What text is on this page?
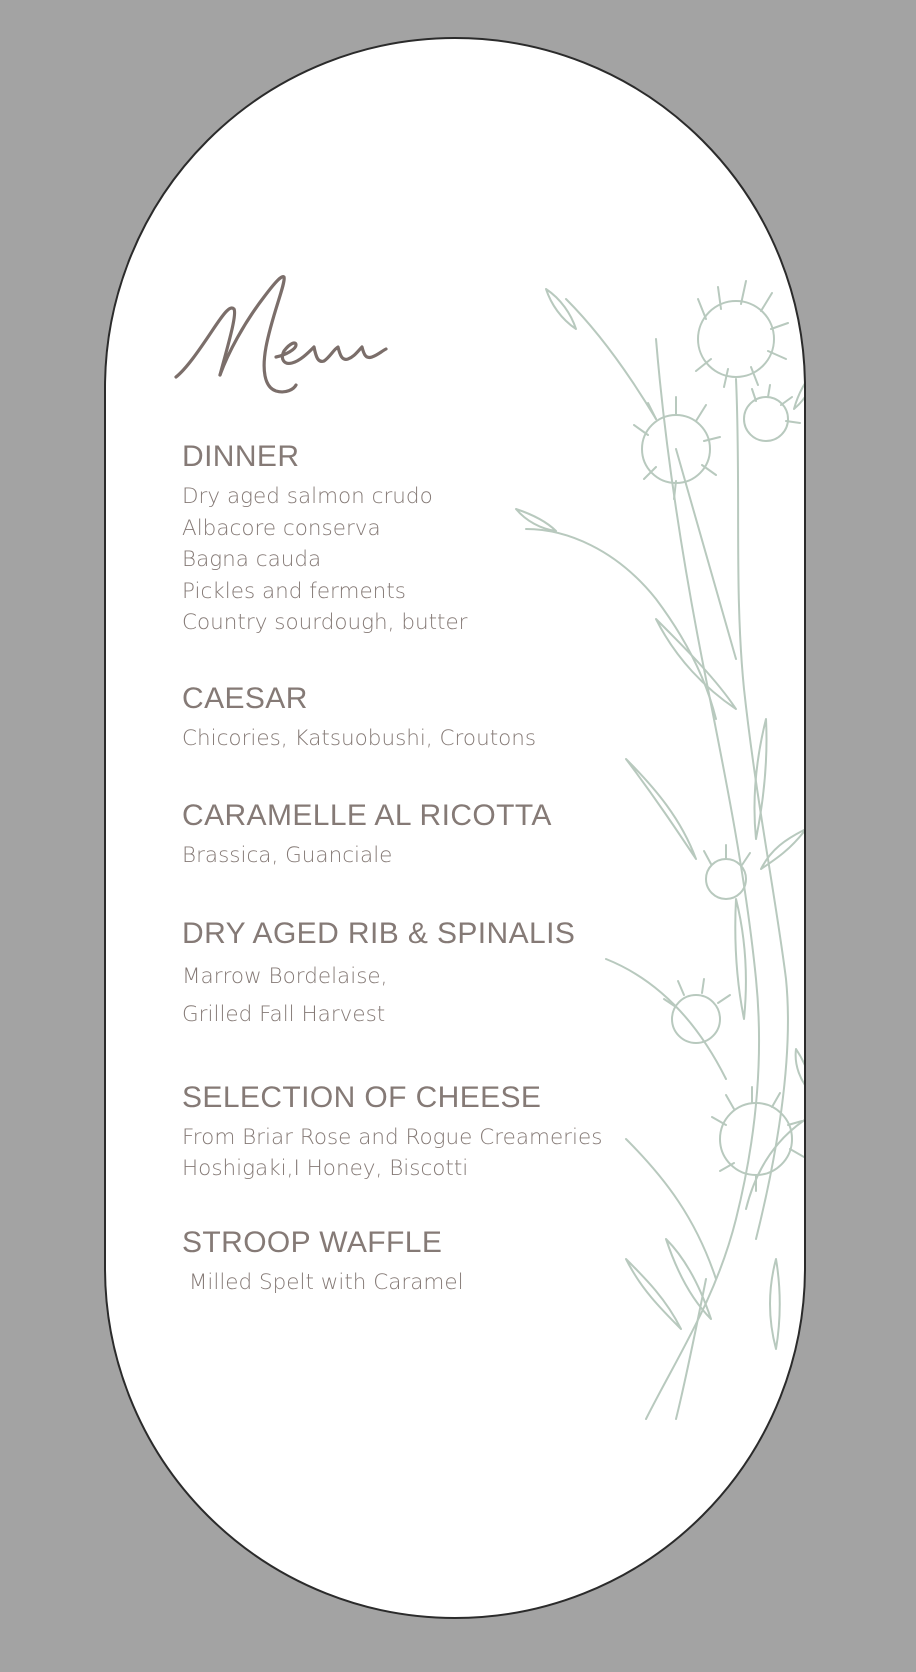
DINNER
Dry aged salmon crudo
Albacore conserva
Bagna cauda
Pickles and ferments
Country sourdough, butter
CAESAR
Chicories, Katsuobushi, Croutons
CARAMELLE AL RICOTTA
Brassica, Guanciale
DRY AGED RIB & SPINALIS
Marrow Bordelaise,
Grilled Fall Harvest
SELECTION OF CHEESE
From Briar Rose and Rogue Creameries
Hoshigaki,I Honey, Biscotti
STROOP WAFFLE
Milled Spelt with Caramel
